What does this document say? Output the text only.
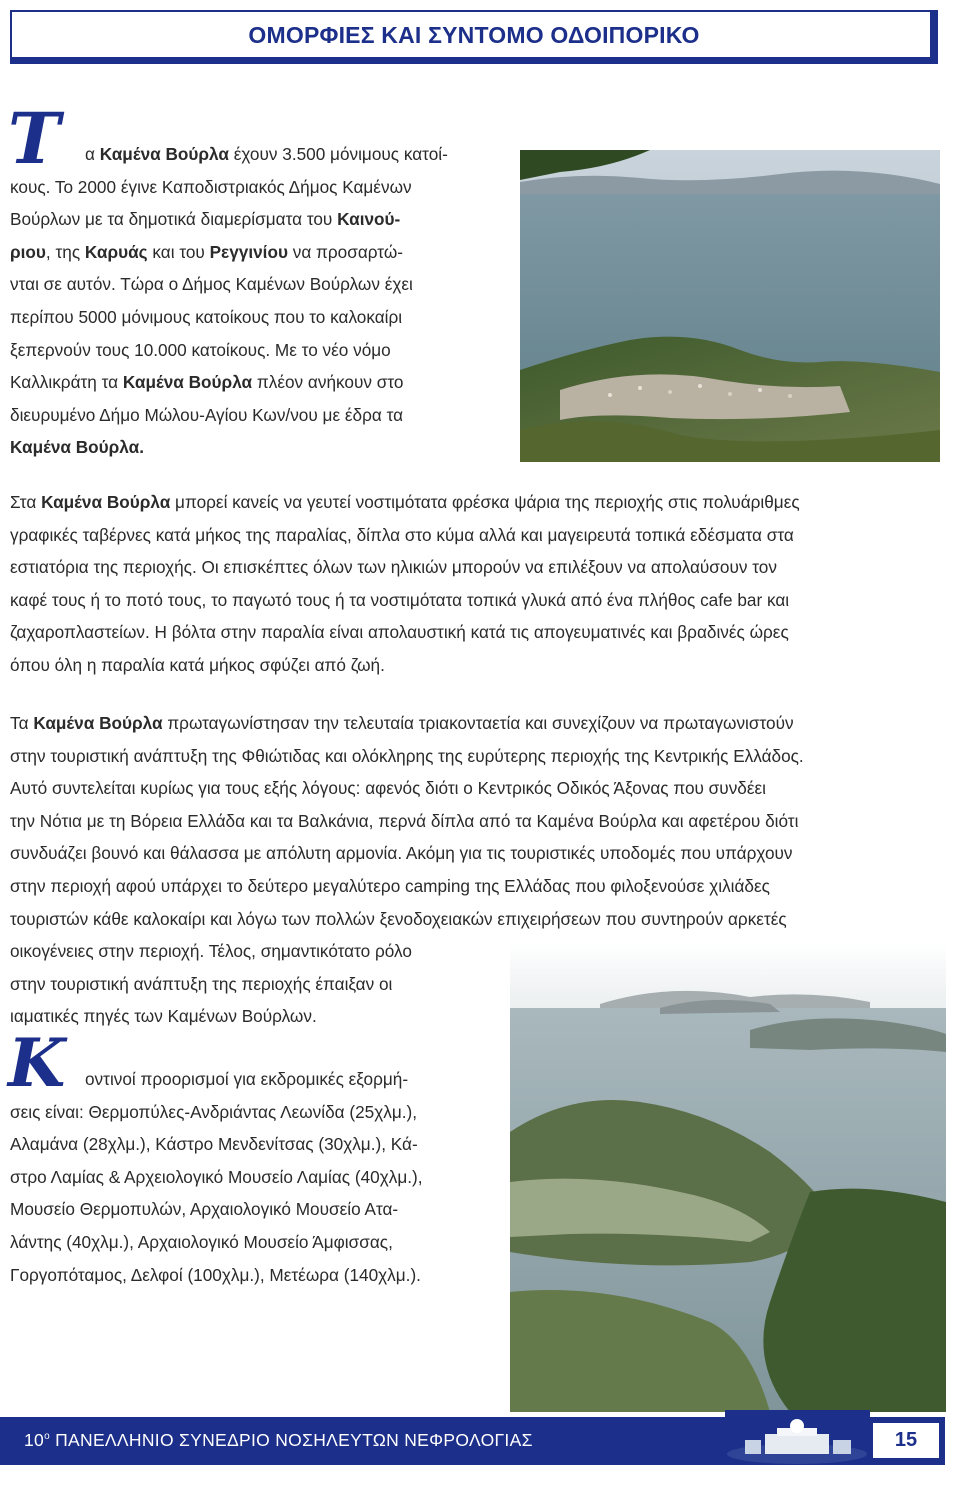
ΟΜΟΡΦΙΕΣ ΚΑΙ ΣΥΝΤΟΜΟ ΟΔΟΙΠΟΡΙΚΟ
Τ	α Καμένα Βούρλα έχουν 3.500 μόνιμους κατοί-

κους. Το 2000 έγινε Καποδιστριακός Δήμος Καμένων

Βούρλων με τα δημοτικά διαμερίσματα του Καινού-

ριου, της Καρυάς και του Ρεγγινίου να προσαρτώ-

νται σε αυτόν. Τώρα ο Δήμος Καμένων Βούρλων έχει

περίπου 5000 μόνιμους κατοίκους που το καλοκαίρι

ξεπερνούν τους 10.000 κατοίκους. Με το νέο νόμο

Καλλικράτη τα Καμένα Βούρλα πλέον ανήκουν στο

διευρυμένο Δήμο Μώλου-Αγίου Κων/νου με έδρα τα

Καμένα Βούρλα.

Στα Καμένα Βούρλα μπορεί κανείς να γευτεί νοστιμότατα φρέσκα ψάρια της περιοχής στις πολυάριθμες

γραφικές ταβέρνες κατά μήκος της παραλίας, δίπλα στο κύμα αλλά και μαγειρευτά τοπικά εδέσματα στα

εστιατόρια της περιοχής. Οι επισκέπτες όλων των ηλικιών μπορούν να επιλέξουν να απολαύσουν τον

καφέ τους ή το ποτό τους, το παγωτό τους ή τα νοστιμότατα τοπικά γλυκά από ένα πλήθος cafe bar και

ζαχαροπλαστείων. Η βόλτα στην παραλία είναι απολαυστική κατά τις απογευματινές και βραδινές ώρες

όπου όλη η παραλία κατά μήκος σφύζει από ζωή.

Τα Καμένα Βούρλα πρωταγωνίστησαν την τελευταία τριακονταετία και συνεχίζουν να πρωταγωνιστούν

στην τουριστική ανάπτυξη της Φθιώτιδας και ολόκληρης της ευρύτερης περιοχής της Κεντρικής Ελλάδος.

Αυτό συντελείται κυρίως για τους εξής λόγους: αφενός διότι ο Κεντρικός Οδικός Άξονας που συνδέει

την Νότια με τη Βόρεια Ελλάδα και τα Βαλκάνια, περνά δίπλα από τα Καμένα Βούρλα και αφετέρου διότι

συνδυάζει βουνό και θάλασσα με απόλυτη αρμονία. Ακόμη για τις τουριστικές υποδομές που υπάρχουν

στην περιοχή αφού υπάρχει το δεύτερο μεγαλύτερο camping της Ελλάδας που φιλοξενούσε χιλιάδες

τουριστών κάθε καλοκαίρι και λόγω των πολλών ξενοδοχειακών επιχειρήσεων που συντηρούν αρκετές

οικογένειες στην περιοχή. Τέλος, σημαντικότατο ρόλο

στην τουριστική ανάπτυξη της περιοχής έπαιξαν οι

ιαματικές πηγές των Καμένων Βούρλων.

Κ	οντινοί προορισμοί για εκδρομικές εξορμή-

σεις είναι: Θερμοπύλες-Ανδριάντας Λεωνίδα (25χλμ.),

Αλαμάνα (28χλμ.), Κάστρο Μενδενίτσας (30χλμ.), Κά-

στρο Λαμίας & Αρχειολογικό Μουσείο Λαμίας (40χλμ.),

Μουσείο Θερμοπυλών, Αρχαιολογικό Μουσείο Ατα-

λάντης (40χλμ.), Αρχαιολογικό Μουσείο Άμφισσας,

Γοργοπόταμος, Δελφοί (100χλμ.), Μετέωρα (140χλμ.).

$10^o$ ΠΑΝΕΛΛΗΝΙΟ ΣΥΝΕΔΡΙΟ ΝΟΣΗΛΕΥΤΩΝ ΝΕΦΡΟΛΟΓΙΑΣ	15
